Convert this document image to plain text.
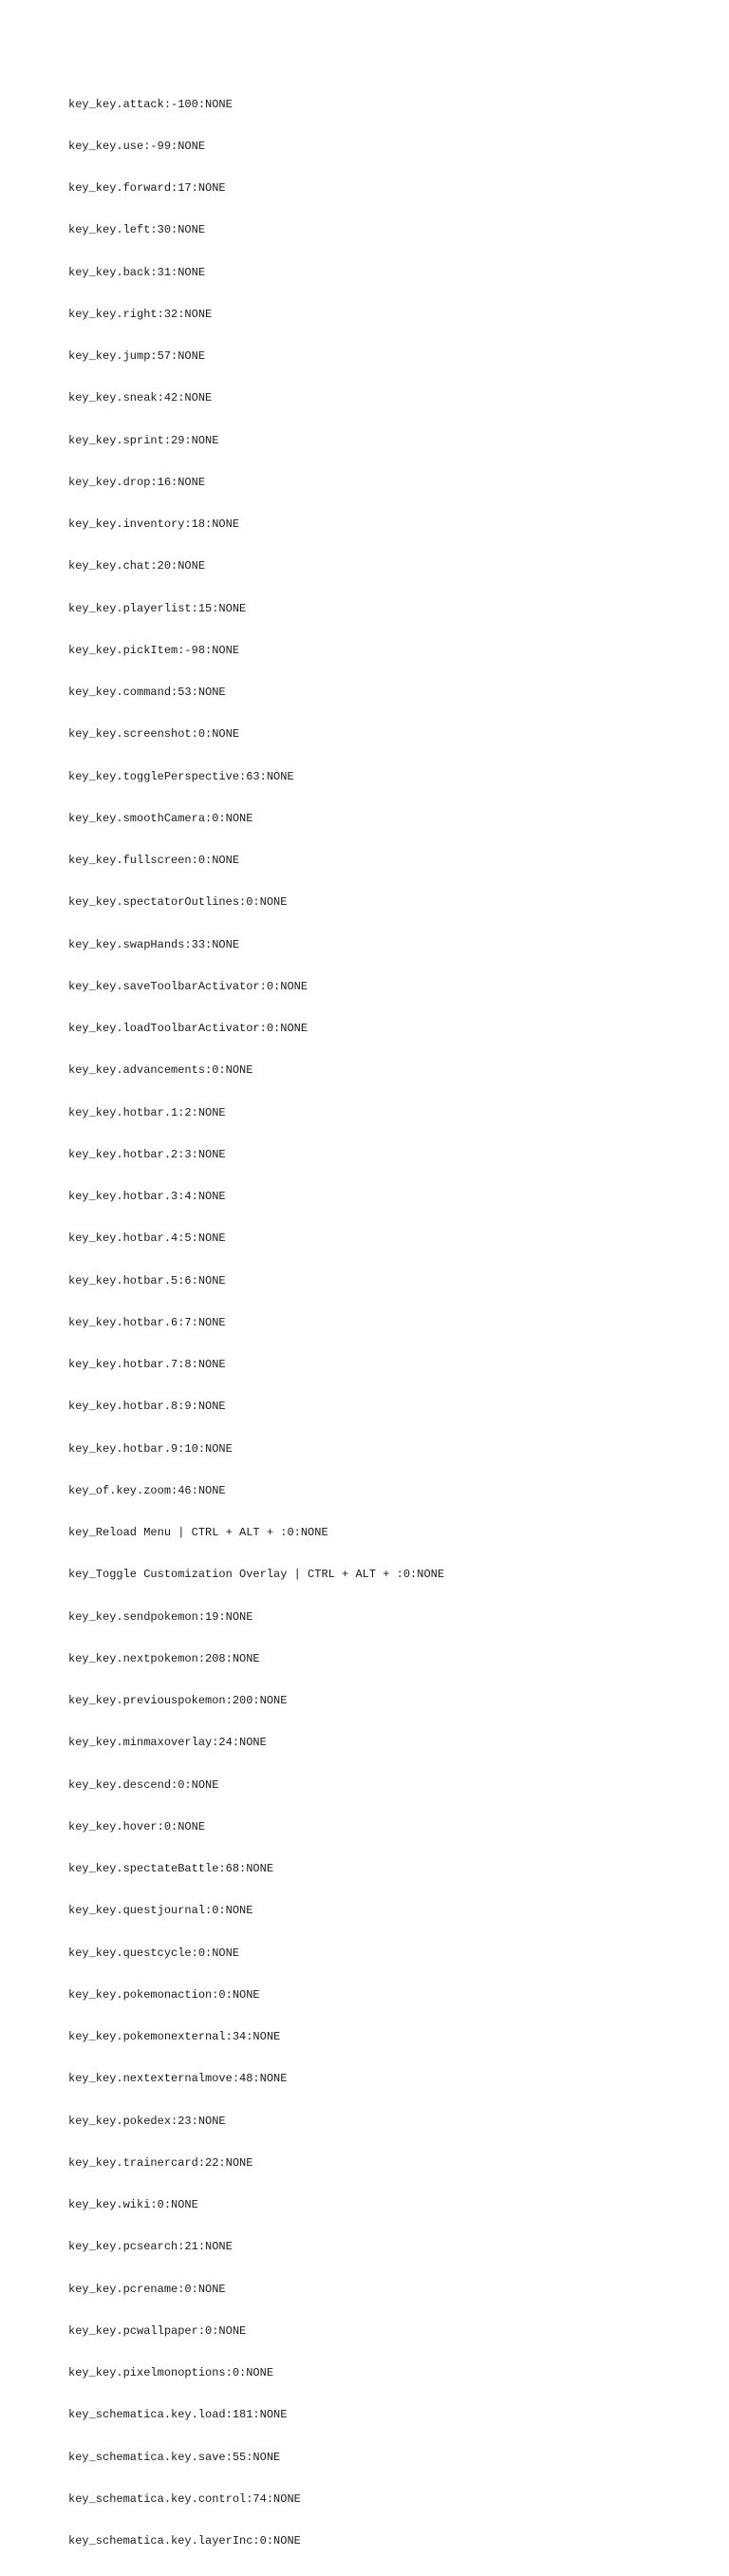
key_key.attack:-100:NONE

key_key.use:-99:NONE

key_key.forward:17:NONE

key_key.left:30:NONE

key_key.back:31:NONE

key_key.right:32:NONE

key_key.jump:57:NONE

key_key.sneak:42:NONE

key_key.sprint:29:NONE

key_key.drop:16:NONE

key_key.inventory:18:NONE

key_key.chat:20:NONE

key_key.playerlist:15:NONE

key_key.pickItem:-98:NONE

key_key.command:53:NONE

key_key.screenshot:0:NONE

key_key.togglePerspective:63:NONE

key_key.smoothCamera:0:NONE

key_key.fullscreen:0:NONE

key_key.spectatorOutlines:0:NONE

key_key.swapHands:33:NONE

key_key.saveToolbarActivator:0:NONE

key_key.loadToolbarActivator:0:NONE

key_key.advancements:0:NONE

key_key.hotbar.1:2:NONE

key_key.hotbar.2:3:NONE

key_key.hotbar.3:4:NONE

key_key.hotbar.4:5:NONE

key_key.hotbar.5:6:NONE

key_key.hotbar.6:7:NONE

key_key.hotbar.7:8:NONE

key_key.hotbar.8:9:NONE

key_key.hotbar.9:10:NONE

key_of.key.zoom:46:NONE

key_Reload Menu | CTRL + ALT + :0:NONE

key_Toggle Customization Overlay | CTRL + ALT + :0:NONE

key_key.sendpokemon:19:NONE

key_key.nextpokemon:208:NONE

key_key.previouspokemon:200:NONE

key_key.minmaxoverlay:24:NONE

key_key.descend:0:NONE

key_key.hover:0:NONE

key_key.spectateBattle:68:NONE

key_key.questjournal:0:NONE

key_key.questcycle:0:NONE

key_key.pokemonaction:0:NONE

key_key.pokemonexternal:34:NONE

key_key.nextexternalmove:48:NONE

key_key.pokedex:23:NONE

key_key.trainercard:22:NONE

key_key.wiki:0:NONE

key_key.pcsearch:21:NONE

key_key.pcrename:0:NONE

key_key.pcwallpaper:0:NONE

key_key.pixelmonoptions:0:NONE

key_schematica.key.load:181:NONE

key_schematica.key.save:55:NONE

key_schematica.key.control:74:NONE

key_schematica.key.layerInc:0:NONE
